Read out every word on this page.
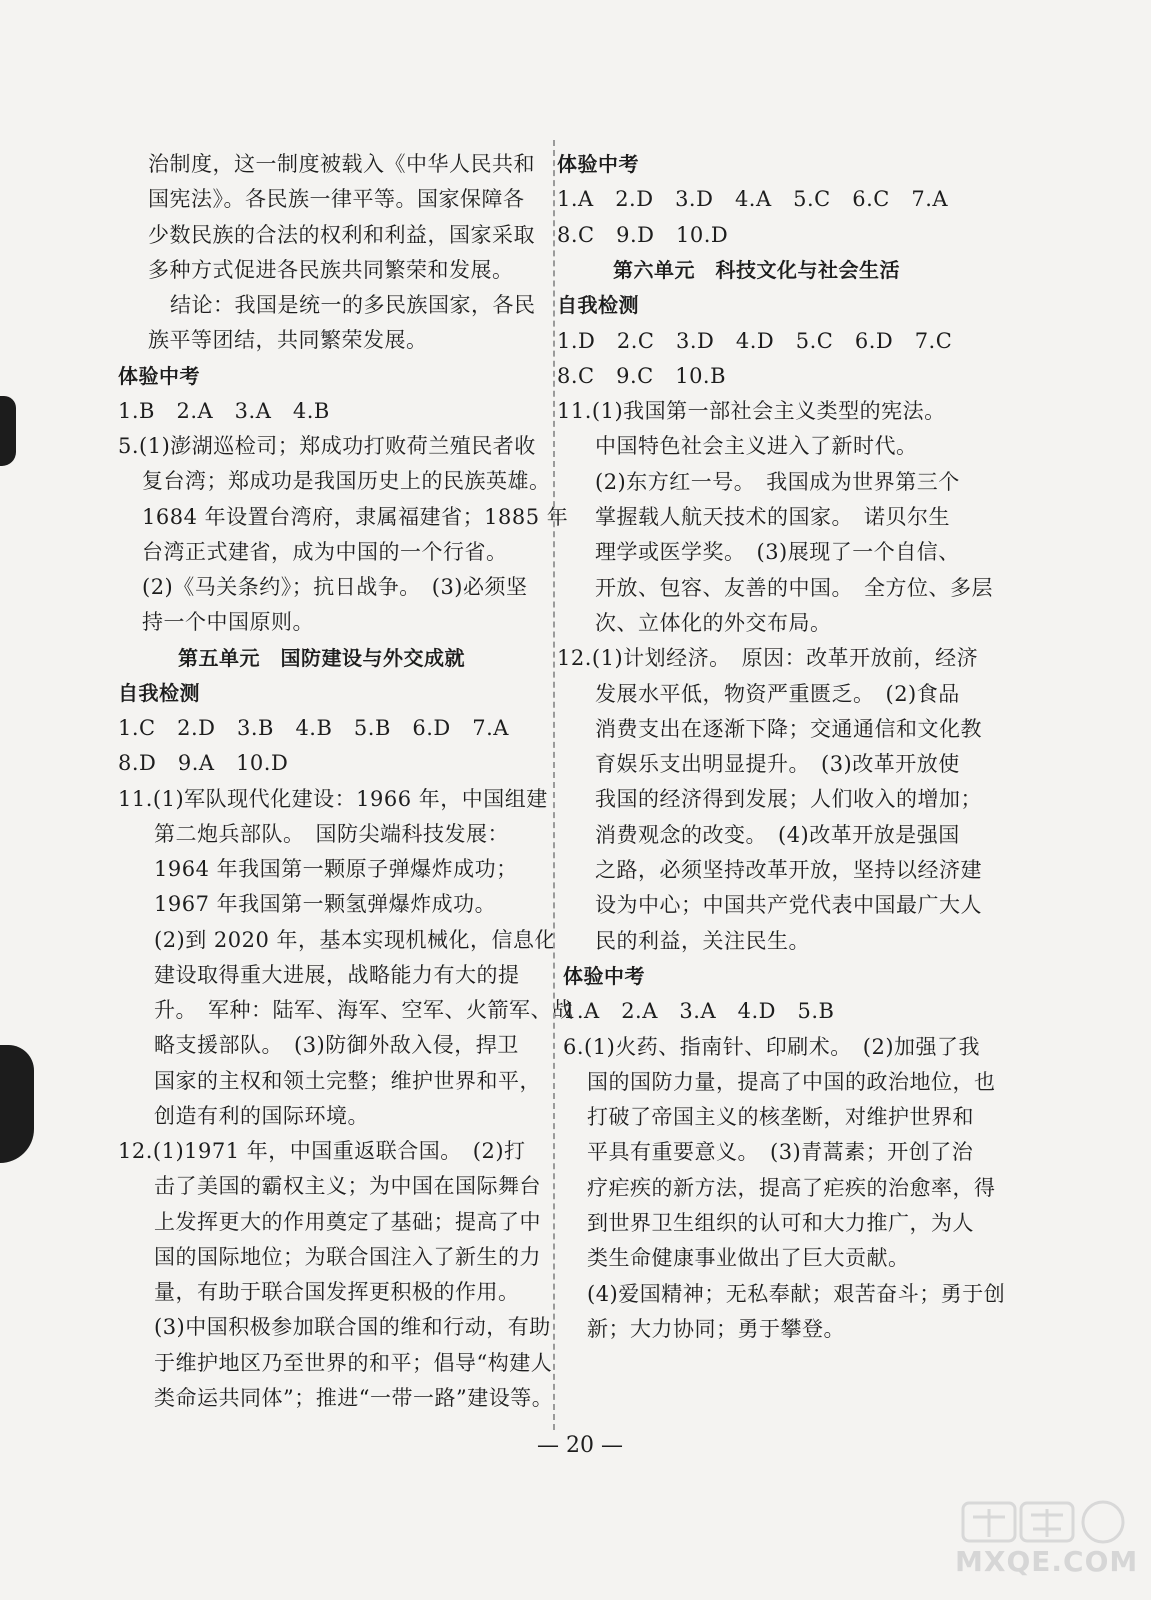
治制度，这一制度被载入《中华人民共和
国宪法》。各民族一律平等。国家保障各
少数民族的合法的权利和利益，国家采取
多种方式促进各民族共同繁荣和发展。
结论：我国是统一的多民族国家，各民
族平等团结，共同繁荣发展。
体验中考
1.B　2.A　3.A　4.B
5.(1)澎湖巡检司；郑成功打败荷兰殖民者收
复台湾；郑成功是我国历史上的民族英雄。
1684 年设置台湾府，隶属福建省；1885 年
台湾正式建省，成为中国的一个行省。
(2)《马关条约》；抗日战争。　(3)必须坚
持一个中国原则。
第五单元　国防建设与外交成就
自我检测
1.C　2.D　3.B　4.B　5.B　6.D　7.A
8.D　9.A　10.D
11.(1)军队现代化建设：1966 年，中国组建
第二炮兵部队。　国防尖端科技发展：
1964 年我国第一颗原子弹爆炸成功；
1967 年我国第一颗氢弹爆炸成功。
(2)到 2020 年，基本实现机械化，信息化
建设取得重大进展，战略能力有大的提
升。　军种：陆军、海军、空军、火箭军、战
略支援部队。　(3)防御外敌入侵，捍卫
国家的主权和领土完整；维护世界和平，
创造有利的国际环境。
12.(1)1971 年，中国重返联合国。　(2)打
击了美国的霸权主义；为中国在国际舞台
上发挥更大的作用奠定了基础；提高了中
国的国际地位；为联合国注入了新生的力
量，有助于联合国发挥更积极的作用。
(3)中国积极参加联合国的维和行动，有助
于维护地区乃至世界的和平；倡导“构建人
类命运共同体”；推进“一带一路”建设等。
体验中考
1.A　2.D　3.D　4.A　5.C　6.C　7.A
8.C　9.D　10.D
第六单元　科技文化与社会生活
自我检测
1.D　2.C　3.D　4.D　5.C　6.D　7.C
8.C　9.C　10.B
11.(1)我国第一部社会主义类型的宪法。
中国特色社会主义进入了新时代。
(2)东方红一号。　我国成为世界第三个
掌握载人航天技术的国家。　诺贝尔生
理学或医学奖。　(3)展现了一个自信、
开放、包容、友善的中国。　全方位、多层
次、立体化的外交布局。
12.(1)计划经济。　原因：改革开放前，经济
发展水平低，物资严重匮乏。　(2)食品
消费支出在逐渐下降；交通通信和文化教
育娱乐支出明显提升。　(3)改革开放使
我国的经济得到发展；人们收入的增加；
消费观念的改变。　(4)改革开放是强国
之路，必须坚持改革开放，坚持以经济建
设为中心；中国共产党代表中国最广大人
民的利益，关注民生。
体验中考
1.A　2.A　3.A　4.D　5.B
6.(1)火药、指南针、印刷术。　(2)加强了我
国的国防力量，提高了中国的政治地位，也
打破了帝国主义的核垄断，对维护世界和
平具有重要意义。　(3)青蒿素；开创了治
疗疟疾的新方法，提高了疟疾的治愈率，得
到世界卫生组织的认可和大力推广，为人
类生命健康事业做出了巨大贡献。
(4)爱国精神；无私奉献；艰苦奋斗；勇于创
新；大力协同；勇于攀登。
— 20 —
MXQE.COM
